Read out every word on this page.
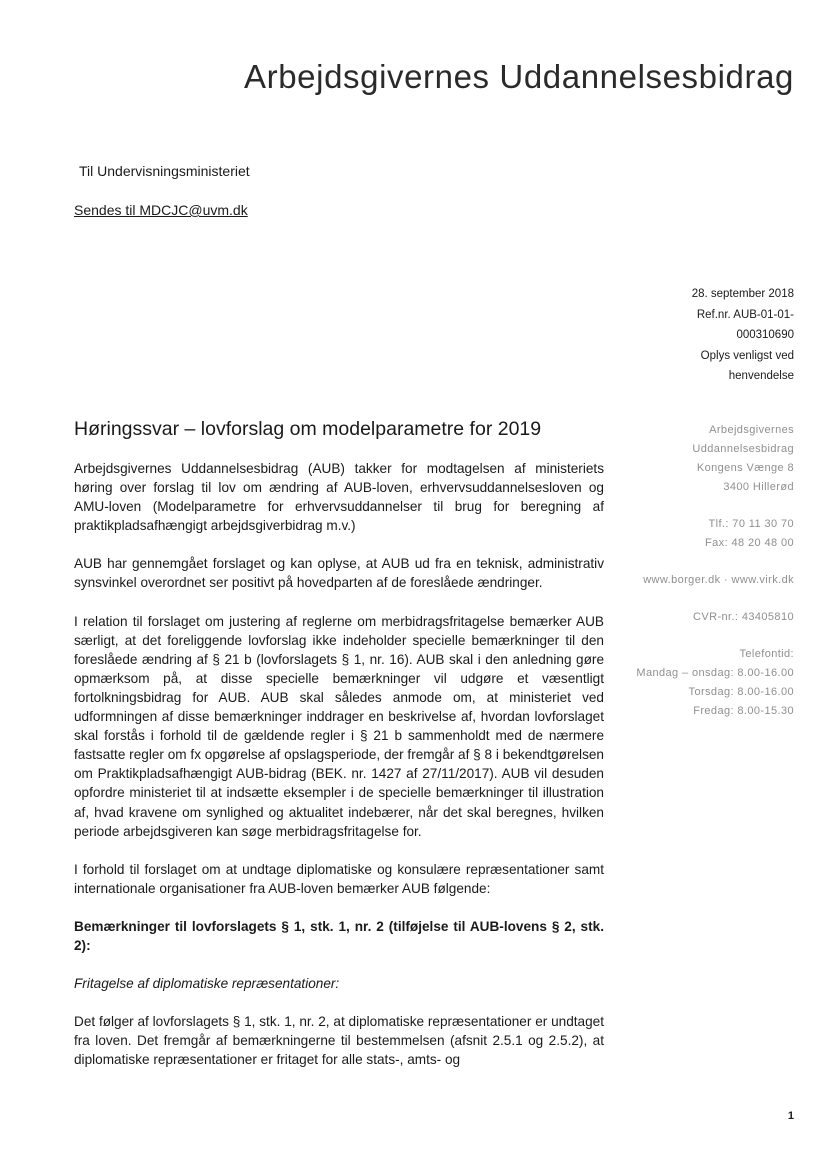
Arbejdsgivernes Uddannelsesbidrag
Til Undervisningsministeriet
Sendes til MDCJC@uvm.dk
28. september 2018
Ref.nr. AUB-01-01-
000310690
Oplys venligst ved
henvendelse
Arbejdsgivernes
Uddannelsesbidrag
Kongens Vænge 8
3400 Hillerød
Tlf.: 70 11 30 70
Fax: 48 20 48 00
www.borger.dk · www.virk.dk
CVR-nr.: 43405810
Telefontid:
Mandag – onsdag: 8.00-16.00
Torsdag: 8.00-16.00
Fredag: 8.00-15.30
Høringssvar – lovforslag om modelparametre for 2019

Arbejdsgivernes Uddannelsesbidrag (AUB) takker for modtagelsen af ministeriets høring over forslag til lov om ændring af AUB-loven, erhvervsuddannelsesloven og AMU-loven (Modelparametre for erhvervsuddannelser til brug for beregning af praktikpladsafhængigt arbejdsgiverbidrag m.v.)

AUB har gennemgået forslaget og kan oplyse, at AUB ud fra en teknisk, administrativ synsvinkel overordnet ser positivt på hovedparten af de foreslåede ændringer.

I relation til forslaget om justering af reglerne om merbidragsfritagelse bemærker AUB særligt, at det foreliggende lovforslag ikke indeholder specielle bemærkninger til den foreslåede ændring af § 21 b (lovforslagets § 1, nr. 16). AUB skal i den anledning gøre opmærksom på, at disse specielle bemærkninger vil udgøre et væsentligt fortolkningsbidrag for AUB. AUB skal således anmode om, at ministeriet ved udformningen af disse bemærkninger inddrager en beskrivelse af, hvordan lovforslaget skal forstås i forhold til de gældende regler i § 21 b sammenholdt med de nærmere fastsatte regler om fx opgørelse af opslagsperiode, der fremgår af § 8 i bekendtgørelsen om Praktikpladsafhængigt AUB-bidrag (BEK. nr. 1427 af 27/11/2017). AUB vil desuden opfordre ministeriet til at indsætte eksempler i de specielle bemærkninger til illustration af, hvad kravene om synlighed og aktualitet indebærer, når det skal beregnes, hvilken periode arbejdsgiveren kan søge merbidragsfritagelse for.

I forhold til forslaget om at undtage diplomatiske og konsulære repræsentationer samt internationale organisationer fra AUB-loven bemærker AUB følgende:

Bemærkninger til lovforslagets § 1, stk. 1, nr. 2 (tilføjelse til AUB-lovens § 2, stk. 2):

Fritagelse af diplomatiske repræsentationer:

Det følger af lovforslagets § 1, stk. 1, nr. 2, at diplomatiske repræsentationer er undtaget fra loven. Det fremgår af bemærkningerne til bestemmelsen (afsnit 2.5.1 og 2.5.2), at diplomatiske repræsentationer er fritaget for alle stats-, amts- og

1
